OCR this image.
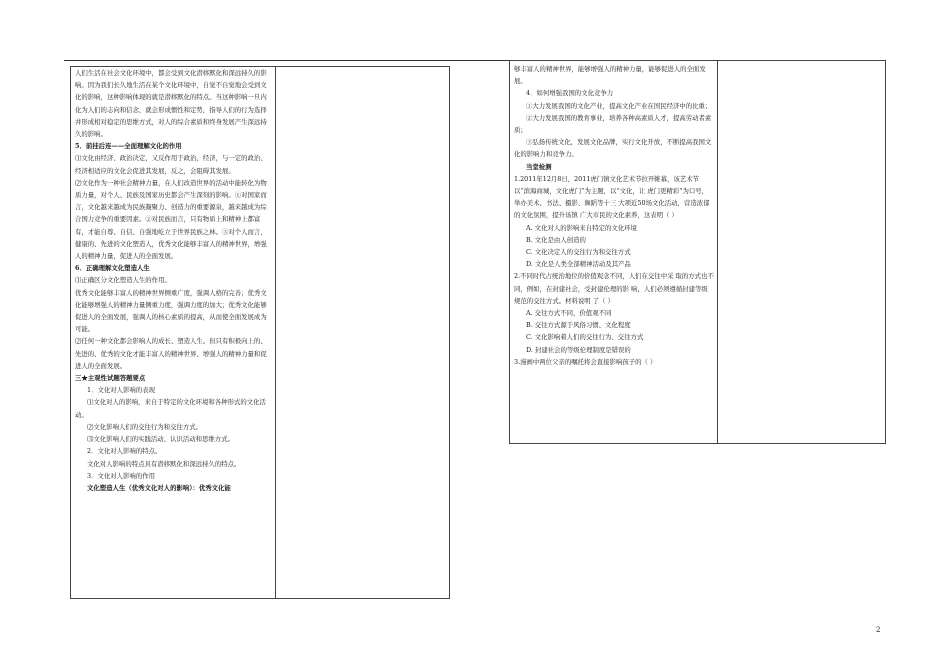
人们生活在社会文化环境中，都会受到文化潜移默化和深远持久的影响。因为我们长久地生活在某个文化环境中，自觉不自觉地会受到文化的影响，这种影响体现的就是潜移默化的特点。当这种影响一旦内化为人们的志向和信念，就会形成惯性和定势，指导人们的行为选择并形成相对稳定的思维方式，对人的综合素质和终身发展产生深远持久的影响。

5．前挂后连——全面理解文化的作用

⑴文化由经济、政治决定，又反作用于政治、经济，与一定的政治、经济相适应的文化会促进其发展，反之，会阻碍其发展。

⑵文化作为一种社会精神力量，在人们改造世界的活动中能转化为物质力量，对个人、民族及国家历史都会产生深刻的影响。①对国家而言，文化越来越成为民族凝聚力、创造力的重要源泉，越来越成为综合国力竞争的重要因素。②对民族而言，只有物质上和精神上都富有，才能自尊、自信、自强地屹立于世界民族之林。③对个人而言，健康的、先进的文化塑造人，优秀文化能够丰富人的精神世界，增强人的精神力量，促进人的全面发展。

6．正确理解文化塑造人生

⑴正确区分文化塑造人生的作用。

优秀文化能够丰富人的精神世界侧重广度，强调人格的完善；优秀文化能够增强人的精神力量侧重力度，强调力度的加大；优秀文化能够促进人的全面发展，强调人的核心素质的提高，从而使全面发展成为可能。

⑵任何一种文化都会影响人的成长、塑造人生。但只有积极向上的、先进的、优秀的文化才能丰富人的精神世界、增强人的精神力量和促进人的全面发展。

三★主观性试题答题要点

1．文化对人影响的表现

⑴文化对人的影响，来自于特定的文化环境和各种形式的文化活动。

⑵文化影响人们的交往行为和交往方式。

⑶文化影响人们的实践活动、认识活动和思维方式。

2．文化对人影响的特点。

文化对人影响的特点具有潜移默化和深远持久的特点。

3．文化对人影响的作用

文化塑造人生（优秀文化对人的影响）：优秀文化能

够丰富人的精神世界，能够增强人的精神力量，能够促进人的全面发展。

4．如何增强我国的文化竞争力

①大力发展我国的文化产业，提高文化产业在国民经济中的比重；

②大力发展我国的教育事业，培养各种高素质人才，提高劳动者素质；

③弘扬传统文化，发展文化品牌，实行文化开放，不断提高我国文化的影响力和竞争力。

当堂检测

1.2011年12月8日，2011虎门镇文化艺术节拉开帷幕，该艺术节以“滨海商城，文化虎门”为主题，以“文化，让 虎门更精彩”为口号，举办美术、书法、摄影、舞蹈等十三 大项近50场文化活动，营造浓郁的文化氛围，提升该镇 广大市民的文化素养，这表明（ ）

A. 文化对人的影响来自特定的文化环境

B. 文化是由人创造的

C. 文化决定人的交往行为和交往方式

D. 文化是人类全部精神活动及其产品

2.不同时代占统治地位的价值观念不同，人们在交往中采 取的方式也不同，例如，在封建社会，受封建伦理的影 响，人们必须遵循封建等级规范的交往方式。材料说明 了（ ）

A. 交往方式不同，价值观不同

B. 交往方式源于风俗习惯、文化程度

C. 文化影响着人们的交往行为、交往方式

D. 封建社会的等级伦理制度是错误的

3.漫画中两位父亲的嘱托将会直接影响孩子的（ ）

2
